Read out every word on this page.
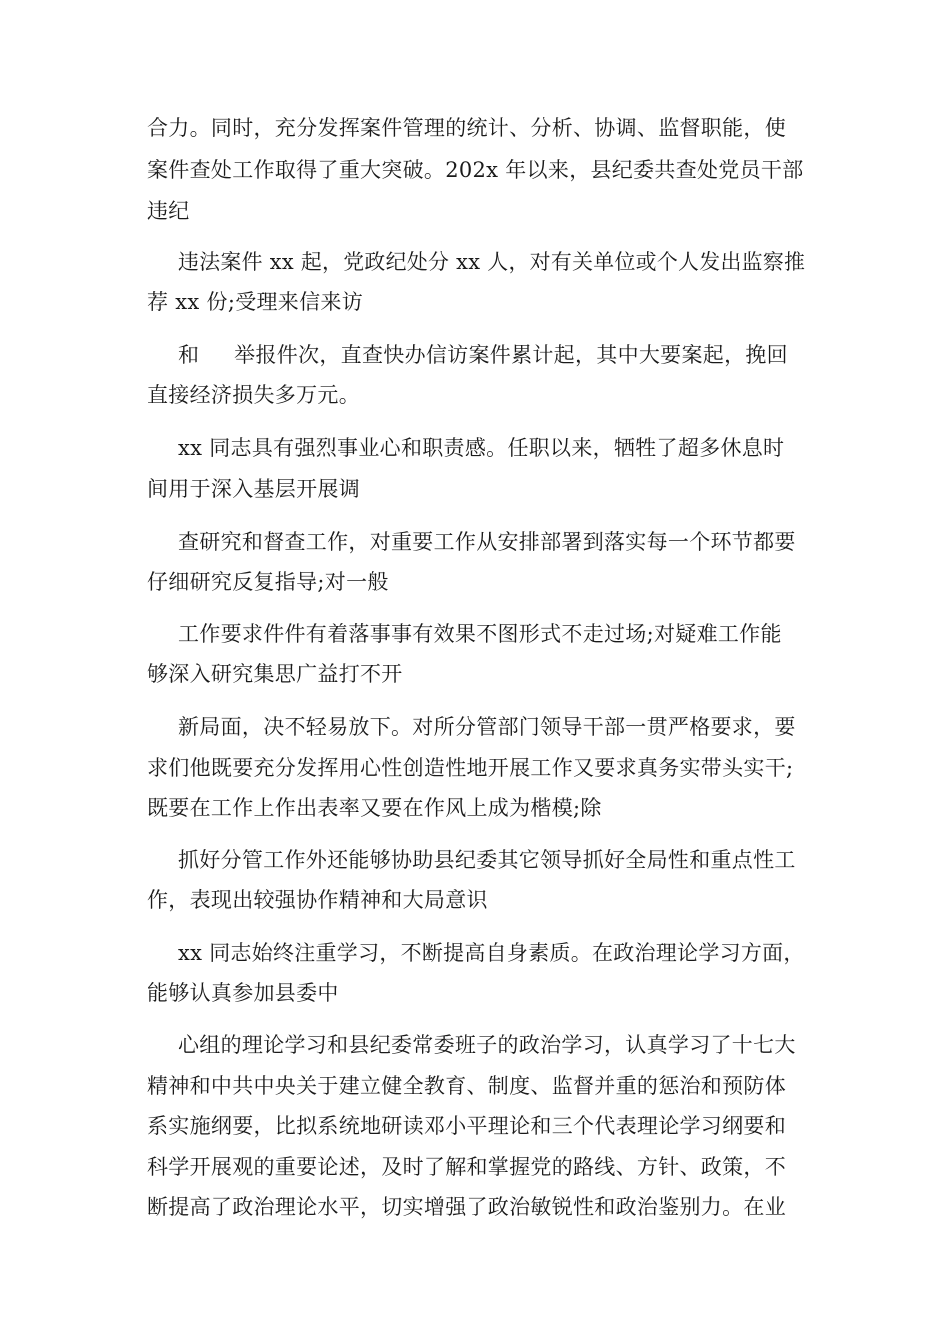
合力。同时，充分发挥案件管理的统计、分析、协调、监督职能，使
案件查处工作取得了重大突破。202x 年以来，县纪委共查处党员干部
违纪
违法案件 xx 起，党政纪处分 xx 人，对有关单位或个人发出监察推
荐 xx 份;受理来信来访
和     举报件次，直查快办信访案件累计起，其中大要案起，挽回
直接经济损失多万元。
xx 同志具有强烈事业心和职责感。任职以来，牺牲了超多休息时
间用于深入基层开展调
查研究和督查工作，对重要工作从安排部署到落实每一个环节都要
仔细研究反复指导;对一般
工作要求件件有着落事事有效果不图形式不走过场;对疑难工作能
够深入研究集思广益打不开
新局面，决不轻易放下。对所分管部门领导干部一贯严格要求，要
求们他既要充分发挥用心性创造性地开展工作又要求真务实带头实干;
既要在工作上作出表率又要在作风上成为楷模;除
抓好分管工作外还能够协助县纪委其它领导抓好全局性和重点性工
作，表现出较强协作精神和大局意识
xx 同志始终注重学习，不断提高自身素质。在政治理论学习方面，
能够认真参加县委中
心组的理论学习和县纪委常委班子的政治学习，认真学习了十七大
精神和中共中央关于建立健全教育、制度、监督并重的惩治和预防体
系实施纲要，比拟系统地研读邓小平理论和三个代表理论学习纲要和
科学开展观的重要论述，及时了解和掌握党的路线、方针、政策，不
断提高了政治理论水平，切实增强了政治敏锐性和政治鉴别力。在业
